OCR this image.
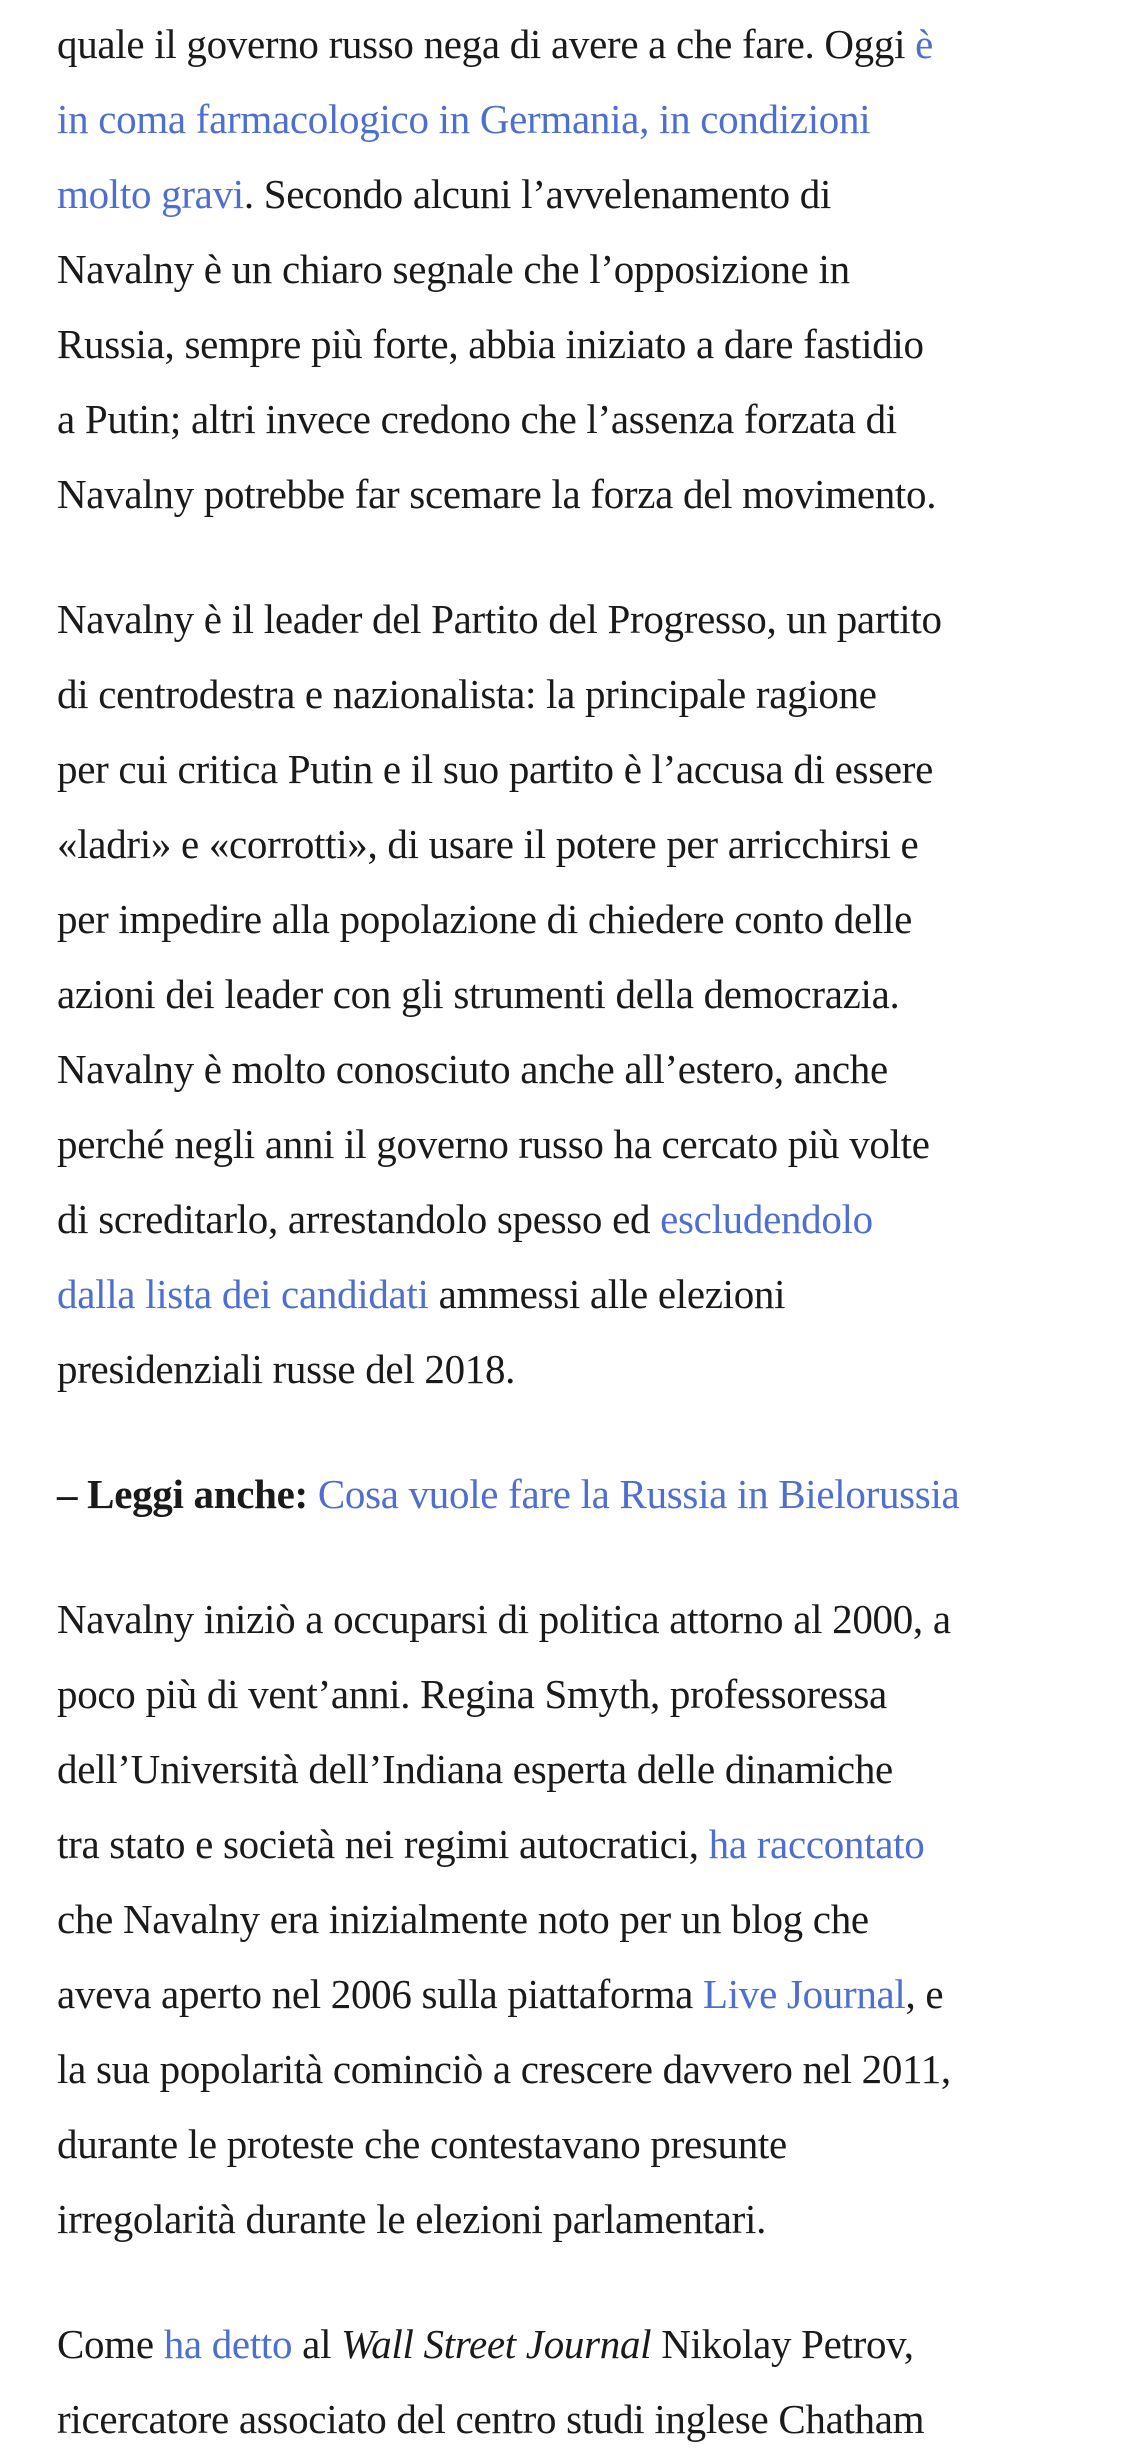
quale il governo russo nega di avere a che fare. Oggi è
in coma farmacologico in Germania, in condizioni
molto gravi. Secondo alcuni l’avvelenamento di
Navalny è un chiaro segnale che l’opposizione in
Russia, sempre più forte, abbia iniziato a dare fastidio
a Putin; altri invece credono che l’assenza forzata di
Navalny potrebbe far scemare la forza del movimento.
Navalny è il leader del Partito del Progresso, un partito
di centrodestra e nazionalista: la principale ragione
per cui critica Putin e il suo partito è l’accusa di essere
«ladri» e «corrotti», di usare il potere per arricchirsi e
per impedire alla popolazione di chiedere conto delle
azioni dei leader con gli strumenti della democrazia.
Navalny è molto conosciuto anche all’estero, anche
perché negli anni il governo russo ha cercato più volte
di screditarlo, arrestandolo spesso ed escludendolo
dalla lista dei candidati ammessi alle elezioni
presidenziali russe del 2018.
– Leggi anche: Cosa vuole fare la Russia in Bielorussia
Navalny iniziò a occuparsi di politica attorno al 2000, a
poco più di vent’anni. Regina Smyth, professoressa
dell’Università dell’Indiana esperta delle dinamiche
tra stato e società nei regimi autocratici, ha raccontato
che Navalny era inizialmente noto per un blog che
aveva aperto nel 2006 sulla piattaforma Live Journal, e
la sua popolarità cominciò a crescere davvero nel 2011,
durante le proteste che contestavano presunte
irregolarità durante le elezioni parlamentari.
Come ha detto al Wall Street Journal Nikolay Petrov,
ricercatore associato del centro studi inglese Chatham
